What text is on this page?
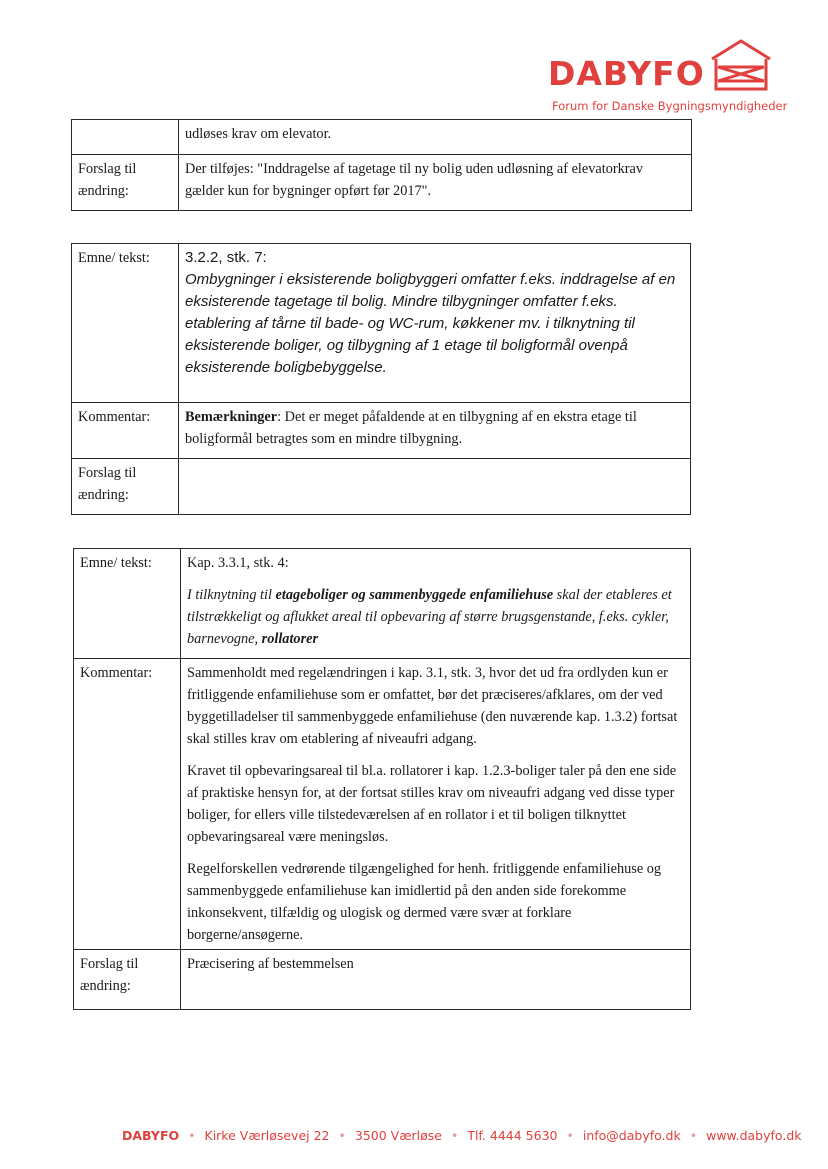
DABYFO
Forum for Danske Bygningsmyndigheder
	udløses krav om elevator.
Forslag til ændring:	Der tilføjes: "Inddragelse af tagetage til ny bolig uden udløsning af elevatorkrav gælder kun for bygninger opført før 2017".
Emne/ tekst:	3.2.2, stk. 7:

Ombygninger i eksisterende boligbyggeri omfatter f.eks. inddragelse af en eksisterende tagetage til bolig. Mindre tilbygninger omfatter f.eks. etablering af tårne til bade- og WC-rum, køkkener mv. i tilknytning til eksisterende boliger, og tilbygning af 1 etage til boligformål ovenpå eksisterende boligbebyggelse.

Kommentar:	Bemærkninger: Det er meget påfaldende at en tilbygning af en ekstra etage til boligformål betragtes som en mindre tilbygning.
Forslag til ændring:	
Emne/ tekst:	Kap. 3.3.1, stk. 4:

I tilknytning til etageboliger og sammenbyggede enfamiliehuse skal der etableres et tilstrækkeligt og aflukket areal til opbevaring af større brugsgenstande, f.eks. cykler, barnevogne, rollatorer

Kommentar:	Sammenholdt med regelændringen i kap. 3.1, stk. 3, hvor det ud fra ordlyden kun er fritliggende enfamiliehuse som er omfattet, bør det præciseres/afklares, om der ved byggetilladelser til sammenbyggede enfamiliehuse (den nuværende kap. 1.3.2) fortsat skal stilles krav om etablering af niveaufri adgang.

Kravet til opbevaringsareal til bl.a. rollatorer i kap. 1.2.3-boliger taler på den ene side af praktiske hensyn for, at der fortsat stilles krav om niveaufri adgang ved disse typer boliger, for ellers ville tilstedeværelsen af en rollator i et til boligen tilknyttet opbevaringsareal være meningsløs.

Regelforskellen vedrørende tilgængelighed for henh. fritliggende enfamiliehuse og sammenbyggede enfamiliehuse kan imidlertid på den anden side forekomme inkonsekvent, tilfældig og ulogisk og dermed være svær at forklare borgerne/ansøgerne.

Forslag til ændring:	Præcisering af bestemmelsen
DABYFO • Kirke Værløsevej 22 • 3500 Værløse • Tlf. 4444 5630 • info@dabyfo.dk • www.dabyfo.dk
